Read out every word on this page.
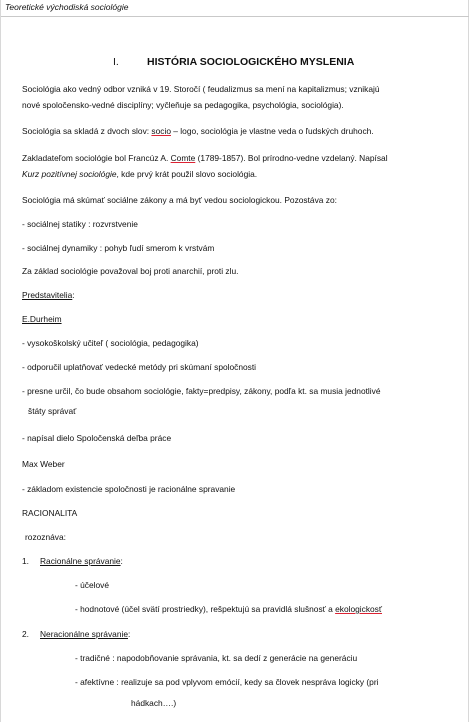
Teoretické východiská sociológie
I.	HISTÓRIA SOCIOLOGICKÉHO MYSLENIA
Sociológia ako vedný odbor vzniká v 19. Storočí ( feudalizmus sa mení na kapitalizmus; vznikajú
nové spoločensko-vedné disciplíny; vyčleňuje sa pedagogika, psychológia, sociológia).
Sociológia sa skladá z dvoch slov: socio – logo, sociológia je vlastne veda o ľudských druhoch.
Zakladateľom sociológie bol Francúz A. Comte (1789-1857). Bol prírodno-vedne vzdelaný. Napísal
Kurz pozitívnej sociológie, kde prvý krát použil slovo sociológia.
Sociológia má skúmať sociálne zákony a má byť vedou sociologickou. Pozostáva zo:
- sociálnej statiky : rozvrstvenie
- sociálnej dynamiky : pohyb ľudí smerom k vrstvám
Za základ sociológie považoval boj proti anarchií, proti zlu.
Predstavitelia:
E.Durheim
- vysokoškolský učiteľ ( sociológia, pedagogika)
- odporučil uplatňovať vedecké metódy pri skúmaní spoločnosti
- presne určil, čo bude obsahom sociológie, fakty=predpisy, zákony, podľa kt. sa musia jednotlivé
štáty správať
- napísal dielo Spoločenská deľba práce
Max Weber
- základom existencie spoločnosti je racionálne spravanie
RACIONALITA
rozoznáva:
1. Racionálne správanie:
- účelové
- hodnotové (účel svätí prostriedky), rešpektujú sa pravidlá slušnosť a ekologickosť
2. Neracionálne správanie:
- tradičné : napodobňovanie správania, kt. sa dedí z generácie na generáciu
- afektívne : realizuje sa pod vplyvom emócií, kedy sa človek nespráva logicky (pri
hádkach….)
